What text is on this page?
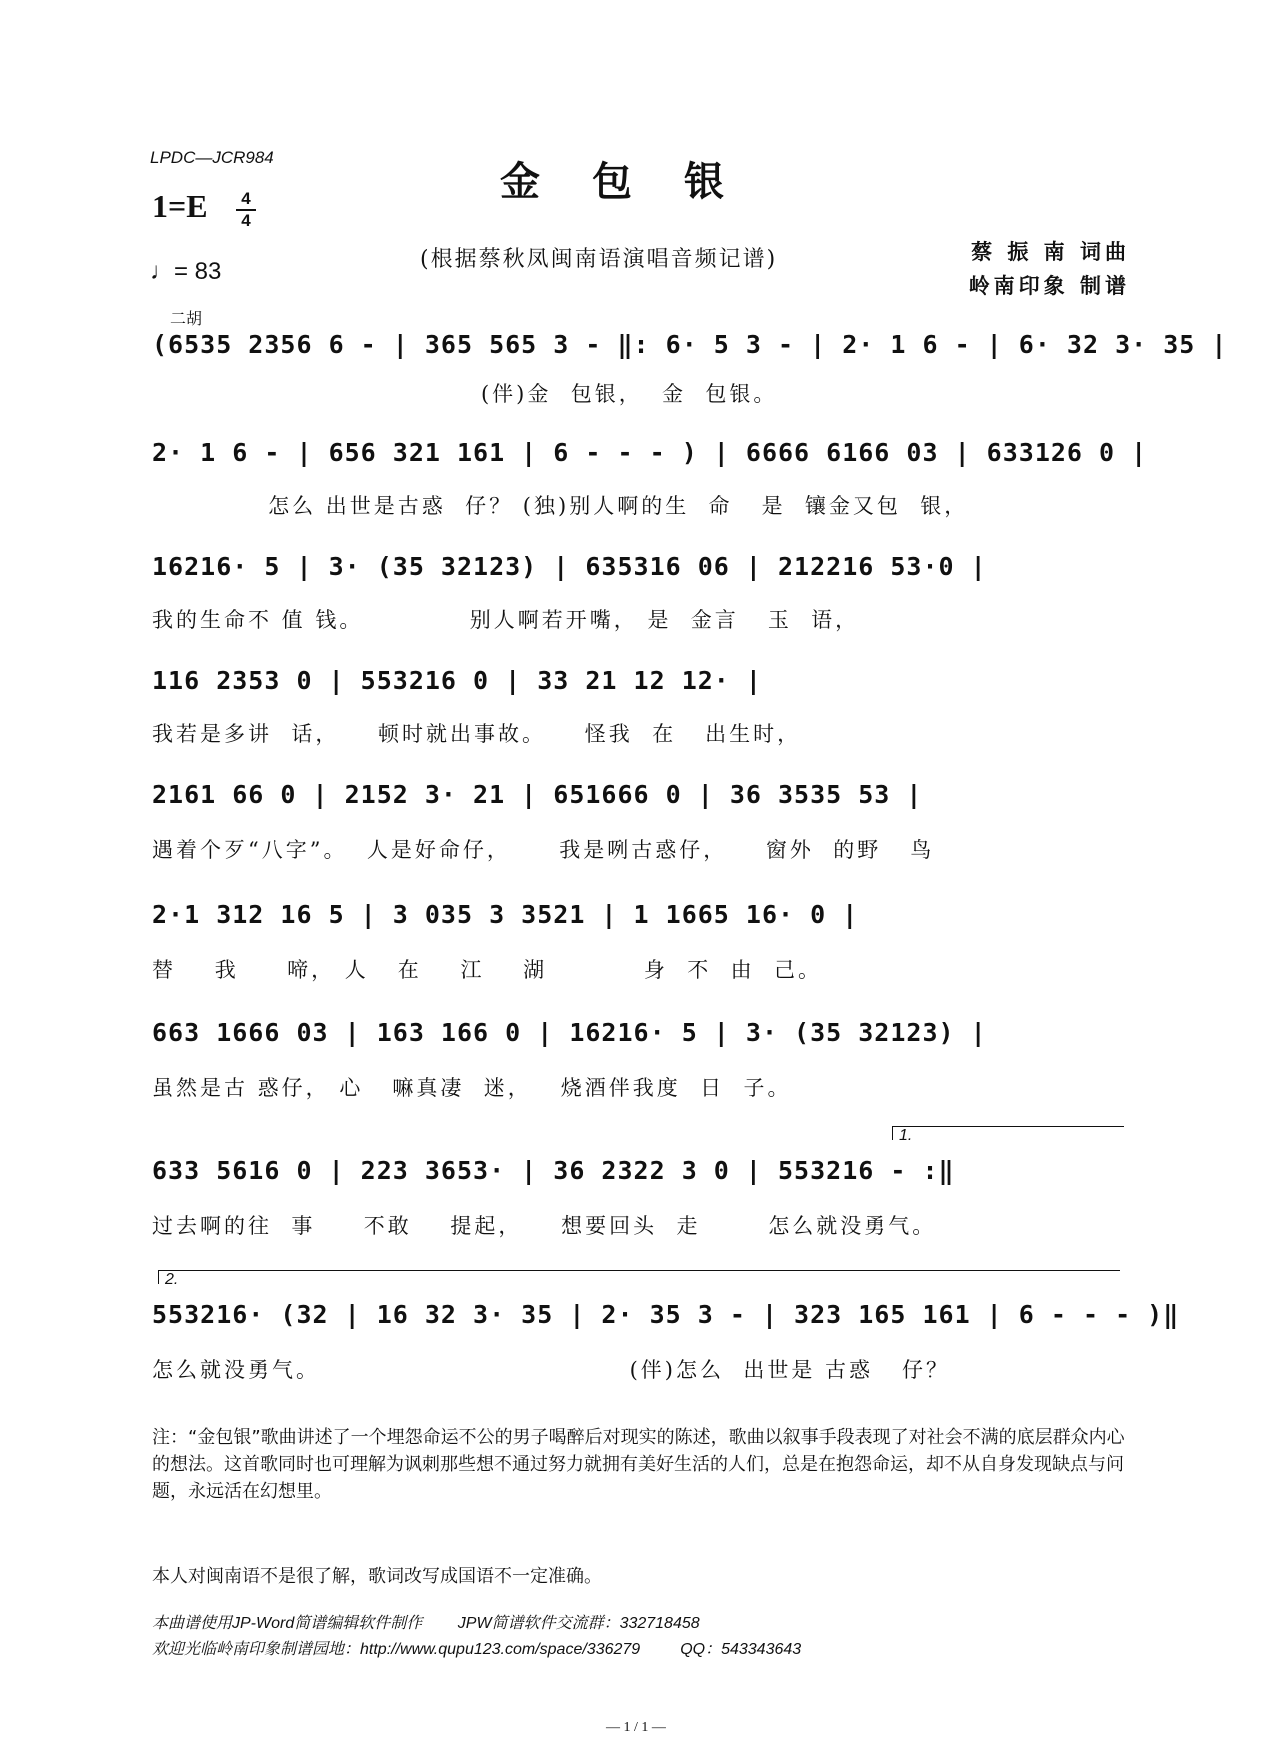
LPDC—JCR984
金包银
1=E	4
4
♩= 83	(根据蔡秋凤闽南语演唱音频记谱)	蔡 振 南 词曲
岭南印象 制谱
二胡
(6535 2356 6 - | 365 565 3 - ‖: 6· 5 3 - | 2· 1 6 - | 6· 32 3· 35 |
(伴)金  包银，  金  包银。
2· 1 6 - | 656 321 161 | 6 - - - ) | 6666 6166 03 | 633126 0 |
怎么 出世是古惑  仔？ (独)别人啊的生  命   是  镶金又包  银，
16216· 5 | 3· (35 32123) | 635316 06 | 212216 53·0 |
我的生命不 值 钱。           别人啊若开嘴， 是  金言   玉  语，
116 2353 0 | 553216 0 | 33 21 12 12· |
我若是多讲  话，    顿时就出事故。    怪我  在   出生时，
2161 66 0 | 2152 3· 21 | 651666 0 | 36 3535 53 |
遇着个歹“八字”。  人是好命仔，     我是咧古惑仔，    窗外  的野   鸟
2·1 312 16 5 | 3 035 3 3521 | 1 1665 16· 0 |
替    我     啼， 人   在    江    湖          身  不  由  己。
663 1666 03 | 163 166 0 | 16216· 5 | 3· (35 32123) |
虽然是古 惑仔， 心   嘛真凄  迷，   烧酒伴我度  日  子。
1.
633 5616 0 | 223 3653· | 36 2322 3 0 | 553216 - :‖
过去啊的往  事     不敢    提起，    想要回头  走       怎么就没勇气。
2.
553216· (32 | 16 32 3· 35 | 2· 35 3 - | 323 165 161 | 6 - - - )‖
怎么就没勇气。                                (伴)怎么  出世是 古惑   仔？
注：“金包银”歌曲讲述了一个埋怨命运不公的男子喝醉后对现实的陈述，歌曲以叙事手段表现了对社会不满的底层群众内心的想法。这首歌同时也可理解为讽刺那些想不通过努力就拥有美好生活的人们，总是在抱怨命运，却不从自身发现缺点与问题，永远活在幻想里。
本人对闽南语不是很了解，歌词改写成国语不一定准确。
本曲谱使用JP-Word简谱编辑软件制作        JPW简谱软件交流群：332718458
欢迎光临岭南印象制谱园地：http://www.qupu123.com/space/336279         QQ：543343643
— 1 / 1 —
